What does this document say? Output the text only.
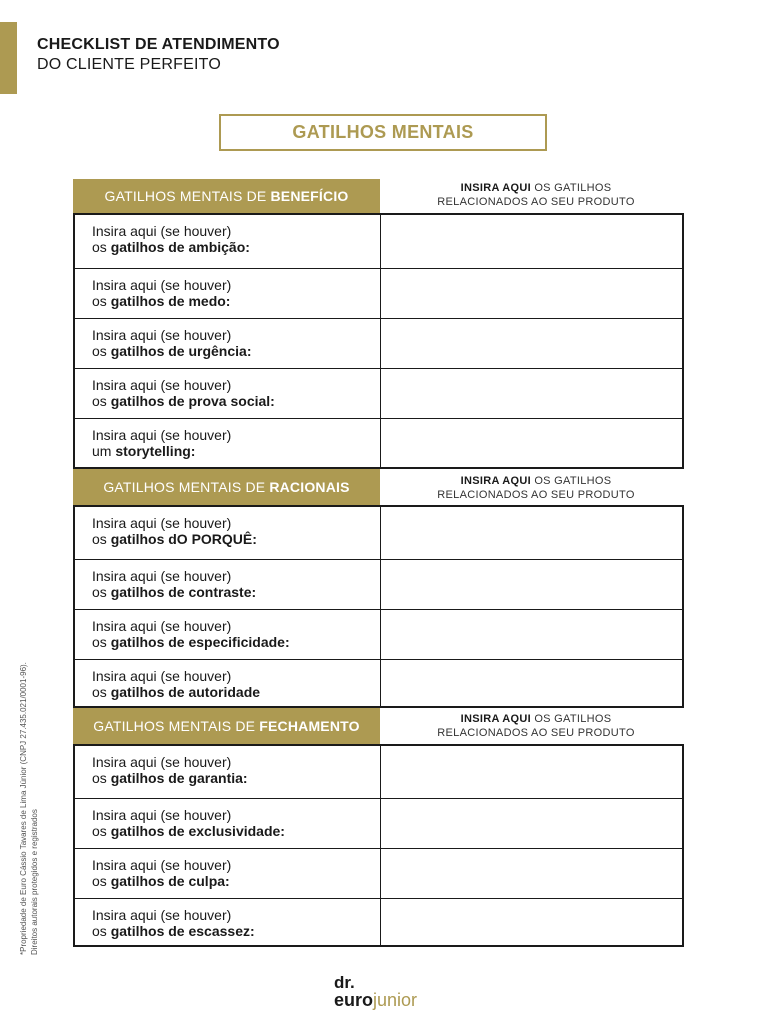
CHECKLIST DE ATENDIMENTO
DO CLIENTE PERFEITO
GATILHOS MENTAIS
GATILHOS MENTAIS DE BENEFÍCIO	INSIRA AQUI OS GATILHOS
RELACIONADOS AO SEU PRODUTO
Insira aqui (se houver)
os gatilhos de ambição:
Insira aqui (se houver)
os gatilhos de medo:
Insira aqui (se houver)
os gatilhos de urgência:
Insira aqui (se houver)
os gatilhos de prova social:
Insira aqui (se houver)
um storytelling:
GATILHOS MENTAIS DE RACIONAIS	INSIRA AQUI OS GATILHOS
RELACIONADOS AO SEU PRODUTO
Insira aqui (se houver)
os gatilhos dO PORQUÊ:
Insira aqui (se houver)
os gatilhos de contraste:
Insira aqui (se houver)
os gatilhos de especificidade:
Insira aqui (se houver)
os gatilhos de autoridade
GATILHOS MENTAIS DE FECHAMENTO	INSIRA AQUI OS GATILHOS
RELACIONADOS AO SEU PRODUTO
Insira aqui (se houver)
os gatilhos de garantia:
Insira aqui (se houver)
os gatilhos de exclusividade:
Insira aqui (se houver)
os gatilhos de culpa:
Insira aqui (se houver)
os gatilhos de escassez:
*Propriedade de Euro Cássio Tavares de Lima Júnior (CNPJ 27.435.021/0001-96). Direitos autorais protegidos e registrados
dr.
eurojunior
